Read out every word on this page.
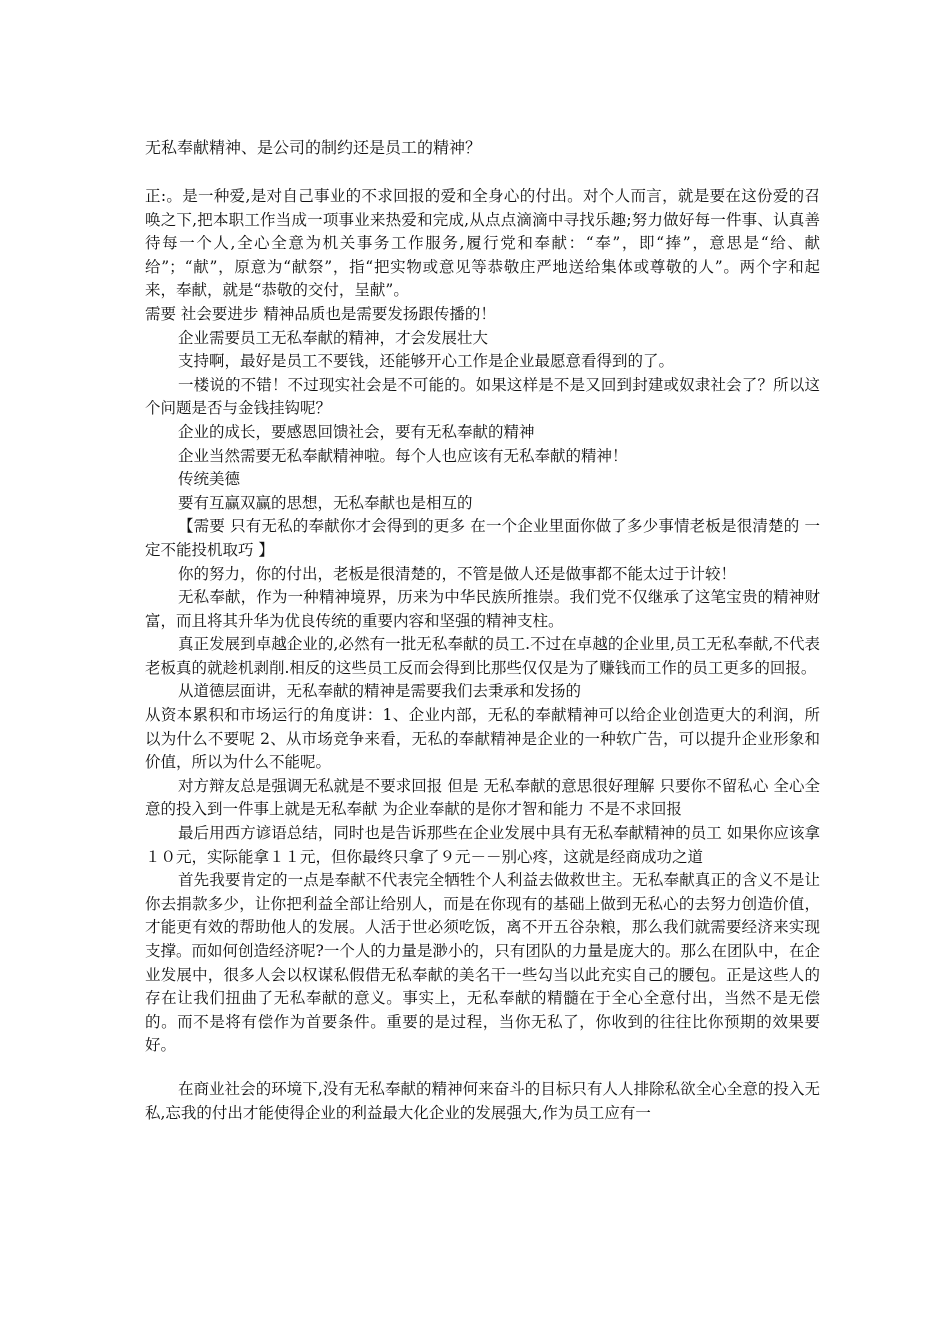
无私奉献精神、是公司的制约还是员工的精神？

正:。是一种爱,是对自己事业的不求回报的爱和全身心的付出。对个人而言，就是要在这份爱的召唤之下,把本职工作当成一项事业来热爱和完成,从点点滴滴中寻找乐趣;努力做好每一件事、认真善待每一个人,全心全意为机关事务工作服务,履行党和奉献：“奉”，即“捧”，意思是“给、献给”；“献”，原意为“献祭”，指“把实物或意见等恭敬庄严地送给集体或尊敬的人”。两个字和起来，奉献，就是“恭敬的交付，呈献”。

需要 社会要进步 精神品质也是需要发扬跟传播的！

企业需要员工无私奉献的精神，才会发展壮大

支持啊，最好是员工不要钱，还能够开心工作是企业最愿意看得到的了。

一楼说的不错！不过现实社会是不可能的。如果这样是不是又回到封建或奴隶社会了？所以这个问题是否与金钱挂钩呢？

企业的成长，要感恩回馈社会，要有无私奉献的精神

企业当然需要无私奉献精神啦。每个人也应该有无私奉献的精神！

传统美德

要有互赢双赢的思想，无私奉献也是相互的

【需要 只有无私的奉献你才会得到的更多 在一个企业里面你做了多少事情老板是很清楚的 一定不能投机取巧 】

你的努力，你的付出，老板是很清楚的，不管是做人还是做事都不能太过于计较！

无私奉献，作为一种精神境界，历来为中华民族所推崇。我们党不仅继承了这笔宝贵的精神财富，而且将其升华为优良传统的重要内容和坚强的精神支柱。

真正发展到卓越企业的,必然有一批无私奉献的员工.不过在卓越的企业里,员工无私奉献,不代表老板真的就趁机剥削.相反的这些员工反而会得到比那些仅仅是为了赚钱而工作的员工更多的回报。

从道德层面讲，无私奉献的精神是需要我们去秉承和发扬的

从资本累积和市场运行的角度讲：1、企业内部，无私的奉献精神可以给企业创造更大的利润，所以为什么不要呢 2、从市场竞争来看，无私的奉献精神是企业的一种软广告，可以提升企业形象和价值，所以为什么不能呢。

对方辩友总是强调无私就是不要求回报 但是 无私奉献的意思很好理解 只要你不留私心 全心全意的投入到一件事上就是无私奉献 为企业奉献的是你才智和能力 不是不求回报

最后用西方谚语总结，同时也是告诉那些在企业发展中具有无私奉献精神的员工 如果你应该拿１０元，实际能拿１１元，但你最终只拿了９元－－别心疼，这就是经商成功之道

首先我要肯定的一点是奉献不代表完全牺牲个人利益去做救世主。无私奉献真正的含义不是让你去捐款多少，让你把利益全部让给别人，而是在你现有的基础上做到无私心的去努力创造价值，才能更有效的帮助他人的发展。人活于世必须吃饭，离不开五谷杂粮，那么我们就需要经济来实现支撑。而如何创造经济呢?一个人的力量是渺小的，只有团队的力量是庞大的。那么在团队中，在企业发展中，很多人会以权谋私假借无私奉献的美名干一些勾当以此充实自己的腰包。正是这些人的存在让我们扭曲了无私奉献的意义。事实上，无私奉献的精髓在于全心全意付出，当然不是无偿的。而不是将有偿作为首要条件。重要的是过程，当你无私了，你收到的往往比你预期的效果要好。

在商业社会的环境下,没有无私奉献的精神何来奋斗的目标只有人人排除私欲全心全意的投入无私,忘我的付出才能使得企业的利益最大化企业的发展强大,作为员工应有一
